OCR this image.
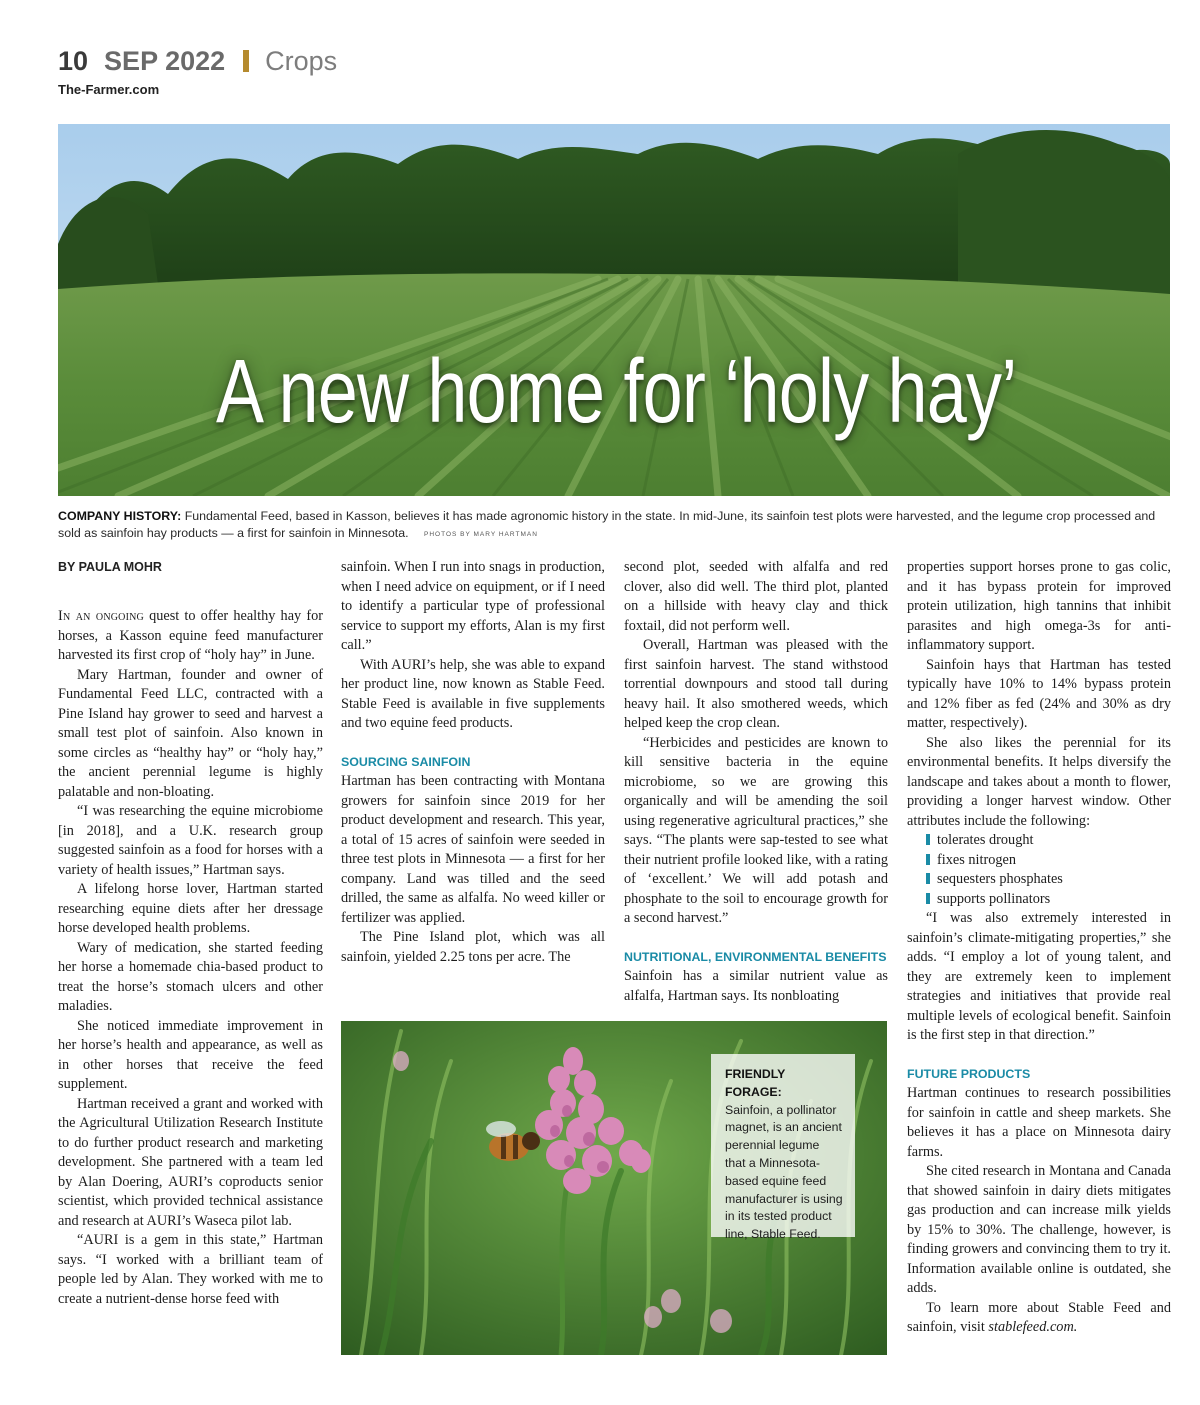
10 SEP 2022 Crops
The-Farmer.com
A new home for ‘holy hay’
COMPANY HISTORY: Fundamental Feed, based in Kasson, believes it has made agronomic history in the state. In mid-June, its sainfoin test plots were harvested, and the legume crop processed and sold as sainfoin hay products — a first for sainfoin in Minnesota. PHOTOS BY MARY HARTMAN
BY PAULA MOHR

In an ongoing quest to offer healthy hay for horses, a Kasson equine feed manufacturer harvested its first crop of “holy hay” in June.

Mary Hartman, founder and owner of Fundamental Feed LLC, contracted with a Pine Island hay grower to seed and harvest a small test plot of sainfoin. Also known in some circles as “healthy hay” or “holy hay,” the ancient perennial legume is highly palatable and non-bloating.

“I was researching the equine microbiome [in 2018], and a U.K. research group suggested sainfoin as a food for horses with a variety of health issues,” Hartman says.

A lifelong horse lover, Hartman started researching equine diets after her dressage horse developed health problems.

Wary of medication, she started feeding her horse a homemade chia-based product to treat the horse’s stomach ulcers and other maladies.

She noticed immediate improvement in her horse’s health and appearance, as well as in other horses that receive the feed supplement.

Hartman received a grant and worked with the Agricultural Utilization Research Institute to do further product research and marketing development. She partnered with a team led by Alan Doering, AURI’s coproducts senior scientist, which provided technical assistance and research at AURI’s Waseca pilot lab.

“AURI is a gem in this state,” Hartman says. “I worked with a brilliant team of people led by Alan. They worked with me to create a nutrient-dense horse feed with

sainfoin. When I run into snags in production, when I need advice on equipment, or if I need to identify a particular type of professional service to support my efforts, Alan is my first call.”

With AURI’s help, she was able to expand her product line, now known as Stable Feed. Stable Feed is available in five supplements and two equine feed products.

SOURCING SAINFOIN

Hartman has been contracting with Montana growers for sainfoin since 2019 for her product development and research. This year, a total of 15 acres of sainfoin were seeded in three test plots in Minnesota — a first for her company. Land was tilled and the seed drilled, the same as alfalfa. No weed killer or fertilizer was applied.

The Pine Island plot, which was all sainfoin, yielded 2.25 tons per acre. The

second plot, seeded with alfalfa and red clover, also did well. The third plot, planted on a hillside with heavy clay and thick foxtail, did not perform well.

Overall, Hartman was pleased with the first sainfoin harvest. The stand withstood torrential downpours and stood tall during heavy hail. It also smothered weeds, which helped keep the crop clean.

“Herbicides and pesticides are known to kill sensitive bacteria in the equine microbiome, so we are growing this organically and will be amending the soil using regenerative agricultural practices,” she says. “The plants were sap-tested to see what their nutrient profile looked like, with a rating of ‘excellent.’ We will add potash and phosphate to the soil to encourage growth for a second harvest.”

NUTRITIONAL, ENVIRONMENTAL BENEFITS

Sainfoin has a similar nutrient value as alfalfa, Hartman says. Its nonbloating

properties support horses prone to gas colic, and it has bypass protein for improved protein utilization, high tannins that inhibit parasites and high omega-3s for anti-inflammatory support.

Sainfoin hays that Hartman has tested typically have 10% to 14% bypass protein and 12% fiber as fed (24% and 30% as dry matter, respectively).

She also likes the perennial for its environmental benefits. It helps diversify the landscape and takes about a month to flower, providing a longer harvest window. Other attributes include the following:

tolerates drought
fixes nitrogen
sequesters phosphates
supports pollinators

“I was also extremely interested in sainfoin’s climate-mitigating properties,” she adds. “I employ a lot of young talent, and they are extremely keen to implement strategies and initiatives that provide real multiple levels of ecological benefit. Sainfoin is the first step in that direction.”

FUTURE PRODUCTS

Hartman continues to research possibilities for sainfoin in cattle and sheep markets. She believes it has a place on Minnesota dairy farms.

She cited research in Montana and Canada that showed sainfoin in dairy diets mitigates gas production and can increase milk yields by 15% to 30%. The challenge, however, is finding growers and convincing them to try it. Information available online is outdated, she adds.

To learn more about Stable Feed and sainfoin, visit stablefeed.com.

FRIENDLY FORAGE:
Sainfoin, a pollinator magnet, is an ancient perennial legume that a Minnesota-based equine feed manufacturer is using in its tested product line, Stable Feed.
